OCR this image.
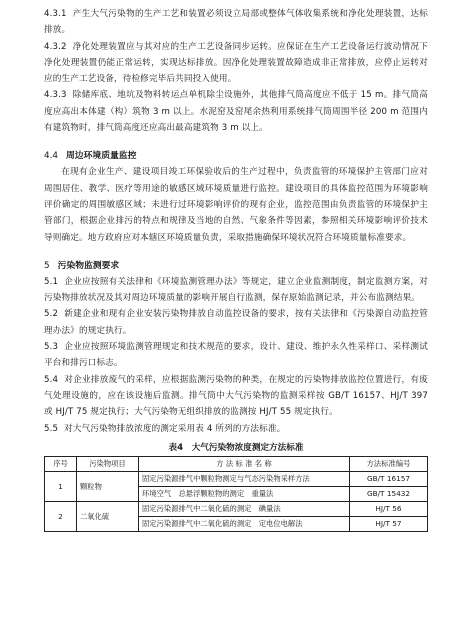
4.3.1 产生大气污染物的生产工艺和装置必须设立局部或整体气体收集系统和净化处理装置，达标排放。

4.3.2 净化处理装置应与其对应的生产工艺设备同步运转。应保证在生产工艺设备运行波动情况下净化处理装置仍能正常运转，实现达标排放。因净化处理装置故障造成非正常排放，应停止运转对应的生产工艺设备，待检修完毕后共同投入使用。

4.3.3 除储库底、地坑及物料转运点单机除尘设施外，其他排气筒高度应不低于 15 m。排气筒高度应高出本体建（构）筑物 3 m 以上。水泥窑及窑尾余热利用系统排气筒周围半径 200 m 范围内有建筑物时，排气筒高度还应高出最高建筑物 3 m 以上。

4.4 周边环境质量监控

在现有企业生产、建设项目竣工环保验收后的生产过程中，负责监管的环境保护主管部门应对周围居住、教学、医疗等用途的敏感区域环境质量进行监控。建设项目的具体监控范围为环境影响评价确定的周围敏感区域；未进行过环境影响评价的现有企业，监控范围由负责监管的环境保护主管部门，根据企业排污的特点和规律及当地的自然、气象条件等因素，参照相关环境影响评价技术导则确定。地方政府应对本辖区环境质量负责，采取措施确保环境状况符合环境质量标准要求。

5 污染物监测要求

5.1 企业应按照有关法律和《环境监测管理办法》等规定，建立企业监测制度，制定监测方案，对污染物排放状况及其对周边环境质量的影响开展自行监测，保存原始监测记录，并公布监测结果。

5.2 新建企业和现有企业安装污染物排放自动监控设备的要求，按有关法律和《污染源自动监控管理办法》的规定执行。

5.3 企业应按照环境监测管理规定和技术规范的要求，设计、建设、维护永久性采样口、采样测试平台和排污口标志。

5.4 对企业排放废气的采样，应根据监测污染物的种类，在规定的污染物排放监控位置进行，有废气处理设施的，应在该设施后监测。排气筒中大气污染物的监测采样按 GB/T 16157、HJ/T 397 或 HJ/T 75 规定执行；大气污染物无组织排放的监测按 HJ/T 55 规定执行。

5.5 对大气污染物排放浓度的测定采用表 4 所列的方法标准。

表4　大气污染物浓度测定方法标准

序号	污染物项目	方 法 标 准 名 称	方法标准编号
1	颗粒物	固定污染源排气中颗粒物测定与气态污染物采样方法	GB/T 16157
		环境空气　总悬浮颗粒物的测定　重量法	GB/T 15432
2	二氧化硫	固定污染源排气中二氧化硫的测定　碘量法	HJ/T 56
		固定污染源排气中二氧化硫的测定　定电位电解法	HJ/T 57
